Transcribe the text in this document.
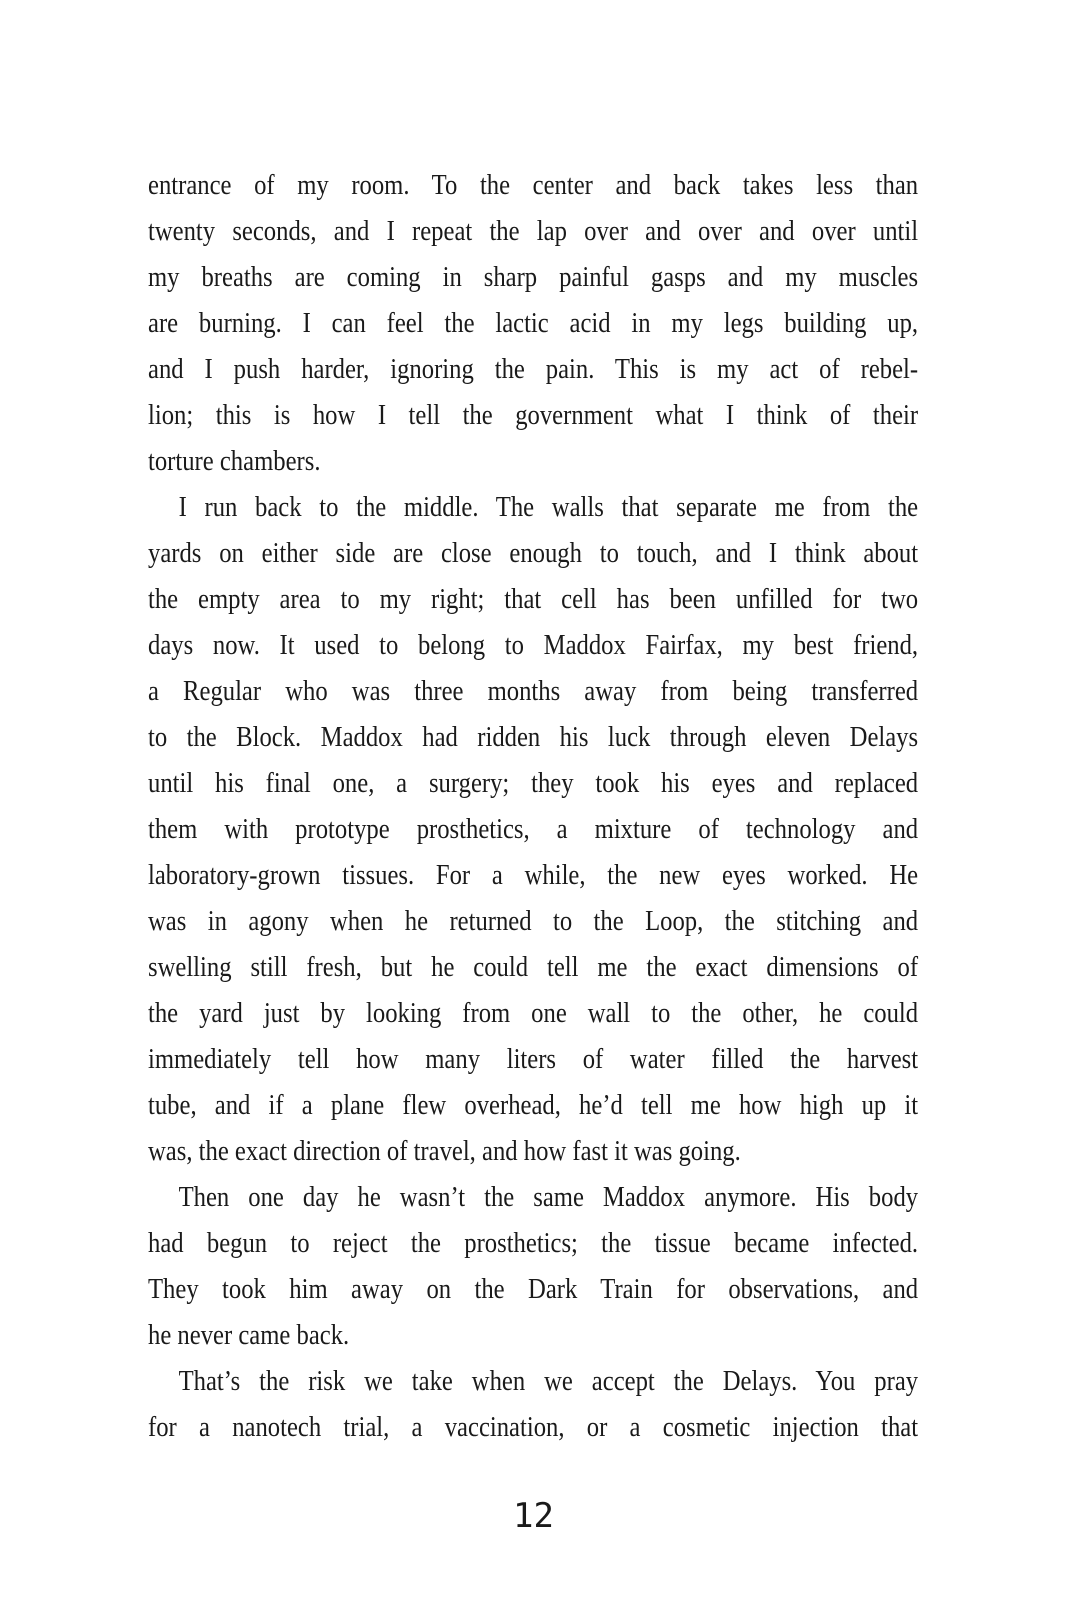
entrance of my room. To the center and back takes less than
twenty seconds, and I repeat the lap over and over and over until
my breaths are coming in sharp painful gasps and my muscles
are burning. I can feel the lactic acid in my legs building up,
and I push harder, ignoring the pain. This is my act of rebel-
lion; this is how I tell the government what I think of their
torture chambers.
I run back to the middle. The walls that separate me from the
yards on either side are close enough to touch, and I think about
the empty area to my right; that cell has been unfilled for two
days now. It used to belong to Maddox Fairfax, my best friend,
a Regular who was three months away from being transferred
to the Block. Maddox had ridden his luck through eleven Delays
until his final one, a surgery; they took his eyes and replaced
them with prototype prosthetics, a mixture of technology and
laboratory-grown tissues. For a while, the new eyes worked. He
was in agony when he returned to the Loop, the stitching and
swelling still fresh, but he could tell me the exact dimensions of
the yard just by looking from one wall to the other, he could
immediately tell how many liters of water filled the harvest
tube, and if a plane flew overhead, he’d tell me how high up it
was, the exact direction of travel, and how fast it was going.
Then one day he wasn’t the same Maddox anymore. His body
had begun to reject the prosthetics; the tissue became infected.
They took him away on the Dark Train for observations, and
he never came back.
That’s the risk we take when we accept the Delays. You pray
for a nanotech trial, a vaccination, or a cosmetic injection that
12
